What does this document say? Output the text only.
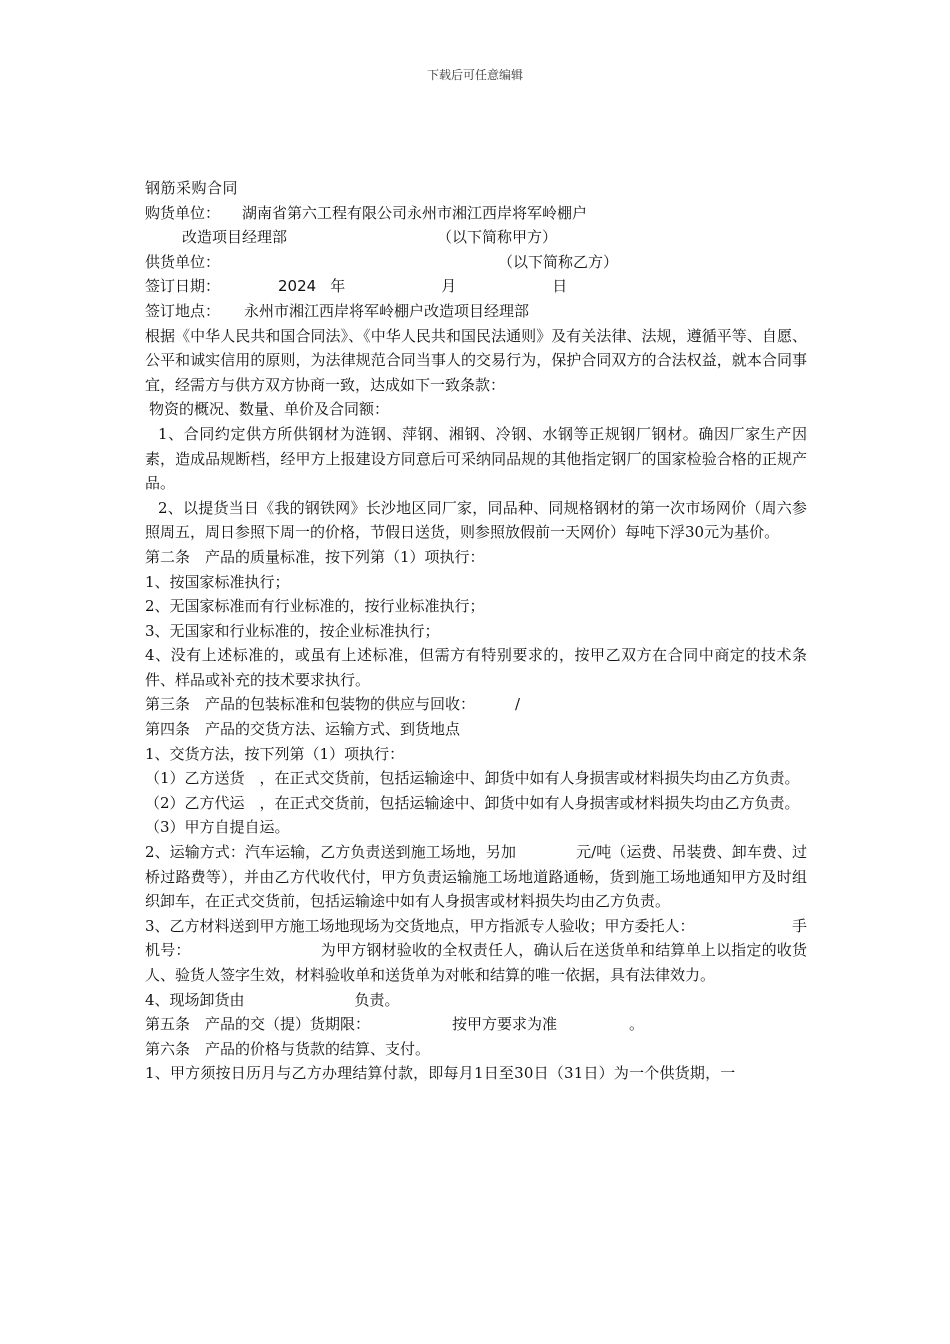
下载后可任意编辑

钢筋采购合同

购货单位： 湖南省第六工程有限公司永州市湘江西岸将军岭棚户

改造项目经理部	（以下简称甲方）

供货单位：	（以下简称乙方）

签订日期：	2024 年	月	日

签订地点： 永州市湘江西岸将军岭棚户改造项目经理部

根据《中华人民共和国合同法》、《中华人民共和国民法通则》及有关法律、法规，遵循平等、自愿、公平和诚实信用的原则，为法律规范合同当事人的交易行为，保护合同双方的合法权益，就本合同事宜，经需方与供方双方协商一致，达成如下一致条款：

物资的概况、数量、单价及合同额：

1、合同约定供方所供钢材为涟钢、萍钢、湘钢、冷钢、水钢等正规钢厂钢材。确因厂家生产因素，造成品规断档，经甲方上报建设方同意后可采纳同品规的其他指定钢厂的国家检验合格的正规产品。

2、以提货当日《我的钢铁网》长沙地区同厂家，同品种、同规格钢材的第一次市场网价（周六参照周五，周日参照下周一的价格，节假日送货，则参照放假前一天网价）每吨下浮30元为基价。

第二条　产品的质量标准，按下列第（1）项执行：

1、按国家标准执行；

2、无国家标准而有行业标准的，按行业标准执行；

3、无国家和行业标准的，按企业标准执行；

4、没有上述标准的，或虽有上述标准，但需方有特别要求的，按甲乙双方在合同中商定的技术条件、样品或补充的技术要求执行。

第三条　产品的包装标准和包装物的供应与回收：	/

第四条　产品的交货方法、运输方式、到货地点

1、交货方法，按下列第（1）项执行：

（1）乙方送货　，在正式交货前，包括运输途中、卸货中如有人身损害或材料损失均由乙方负责。

（2）乙方代运　，在正式交货前，包括运输途中、卸货中如有人身损害或材料损失均由乙方负责。

（3）甲方自提自运。

2、运输方式：汽车运输，乙方负责送到施工场地，另加	元/吨（运费、吊装费、卸车费、过桥过路费等），并由乙方代收代付，甲方负责运输施工场地道路通畅，货到施工场地通知甲方及时组织卸车，在正式交货前，包括运输途中如有人身损害或材料损失均由乙方负责。

3、乙方材料送到甲方施工场地现场为交货地点，甲方指派专人验收；甲方委托人：	手

机号：	为甲方钢材验收的全权责任人，确认后在送货单和结算单上以指定的收货人、验货人签字生效，材料验收单和送货单为对帐和结算的唯一依据，具有法律效力。

4、现场卸货由	负责。

第五条　产品的交（提）货期限：	按甲方要求为准	。

第六条　产品的价格与货款的结算、支付。

1、甲方须按日历月与乙方办理结算付款，即每月1日至30日（31日）为一个供货期，一
